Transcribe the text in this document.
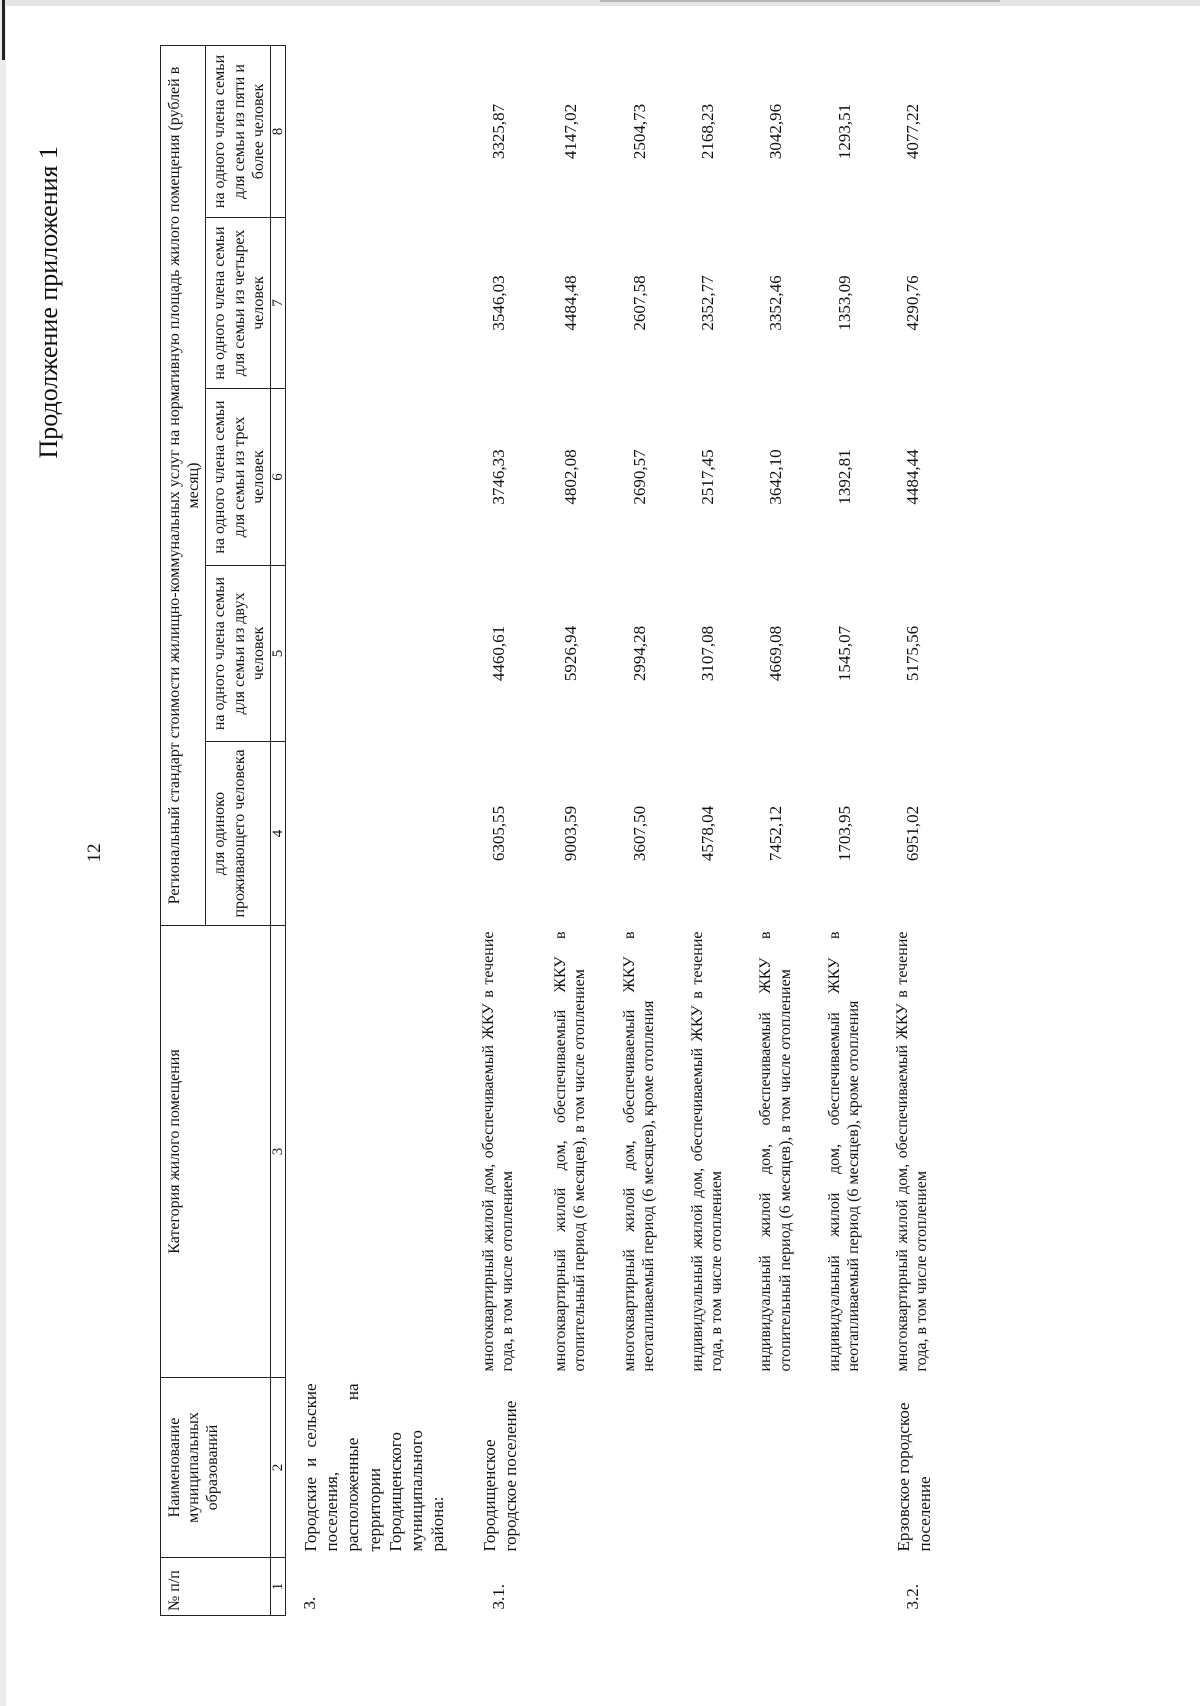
12
Продолжение приложения 1
№ п/п	Наименование муниципальных образований	Категория жилого помещения	Региональный стандарт стоимости жилищно-коммунальных услуг на нормативную площадь жилого помещения (рублей в месяц)				
			для одиноко проживающего человека	на одного члена семьи для семьи из двух человек	на одного члена семьи для семьи из трех человек	на одного члена семьи для семьи из четырех человек	на одного члена семьи для семьи из пяти и более человек
1	2	3	4	5	6	7	8
3.	Городские и сельские поселения, расположенные на территории Городищенского муниципального района:						
3.1.	Городищенское городское поселение	многоквартирный жилой дом, обеспечиваемый ЖКУ в течение года, в том числе отоплением	6305,55	4460,61	3746,33	3546,03	3325,87
		многоквартирный жилой дом, обеспечиваемый ЖКУ в отопительный период (6 месяцев), в том числе отоплением	9003,59	5926,94	4802,08	4484,48	4147,02
		многоквартирный жилой дом, обеспечиваемый ЖКУ в неотапливаемый период (6 месяцев), кроме отопления	3607,50	2994,28	2690,57	2607,58	2504,73
		индивидуальный жилой дом, обеспечиваемый ЖКУ в течение года, в том числе отоплением	4578,04	3107,08	2517,45	2352,77	2168,23
		индивидуальный жилой дом, обеспечиваемый ЖКУ в отопительный период (6 месяцев), в том числе отоплением	7452,12	4669,08	3642,10	3352,46	3042,96
		индивидуальный жилой дом, обеспечиваемый ЖКУ в неотапливаемый период (6 месяцев), кроме отопления	1703,95	1545,07	1392,81	1353,09	1293,51
3.2.	Ерзовское городское поселение	многоквартирный жилой дом, обеспечиваемый ЖКУ в течение года, в том числе отоплением	6951,02	5175,56	4484,44	4290,76	4077,22
